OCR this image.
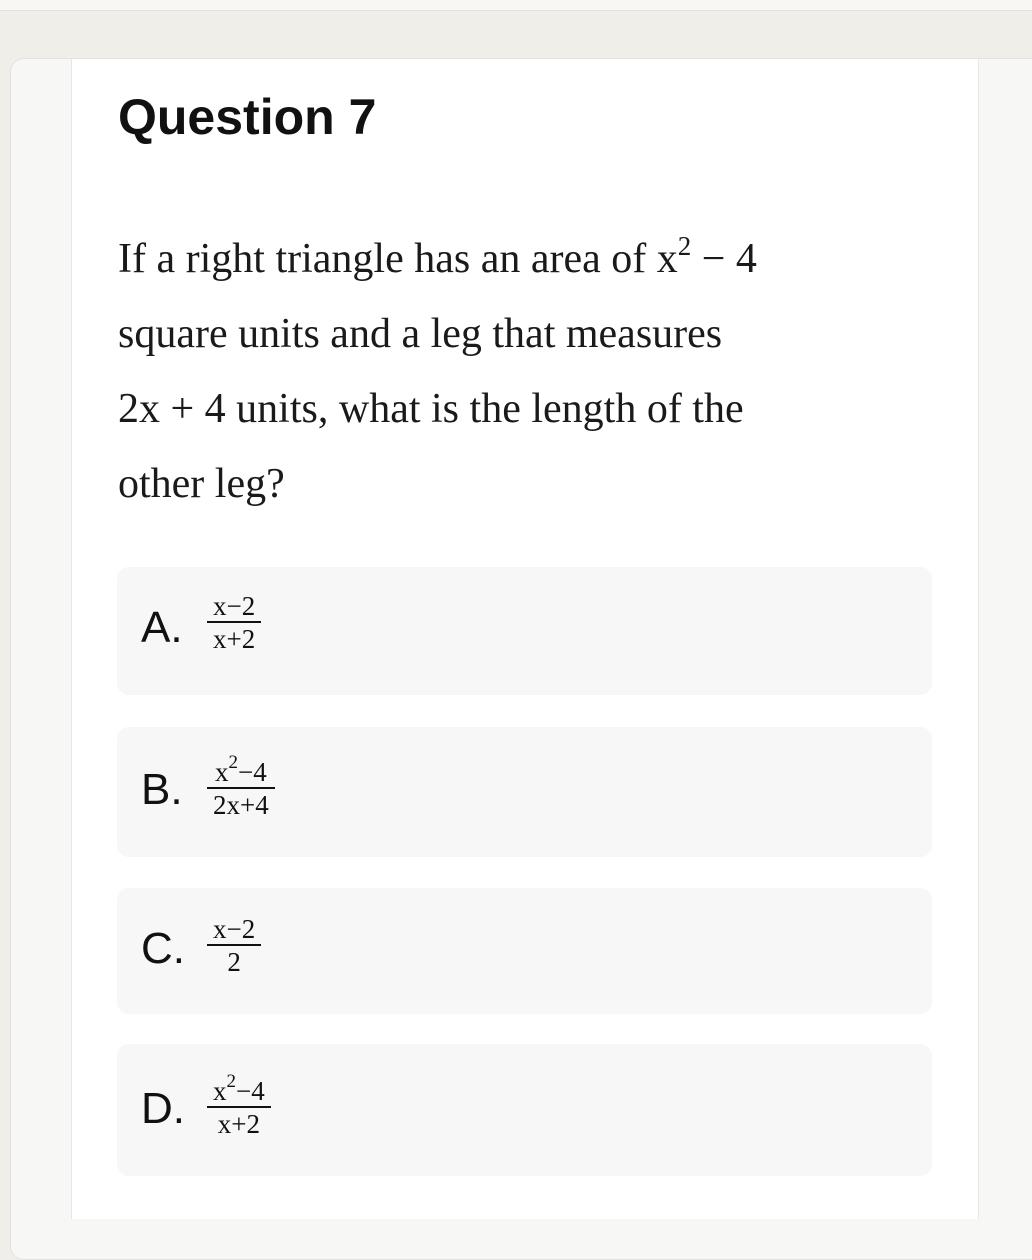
Question 7
If a right triangle has an area of $x^2 - 4$
square units and a leg that measures
2x + 4 units, what is the length of the
other leg?
A. x−2
x+2
B. $x^2-4$
2x+4
C. x−2
2
D. $x^2-4$
x+2
